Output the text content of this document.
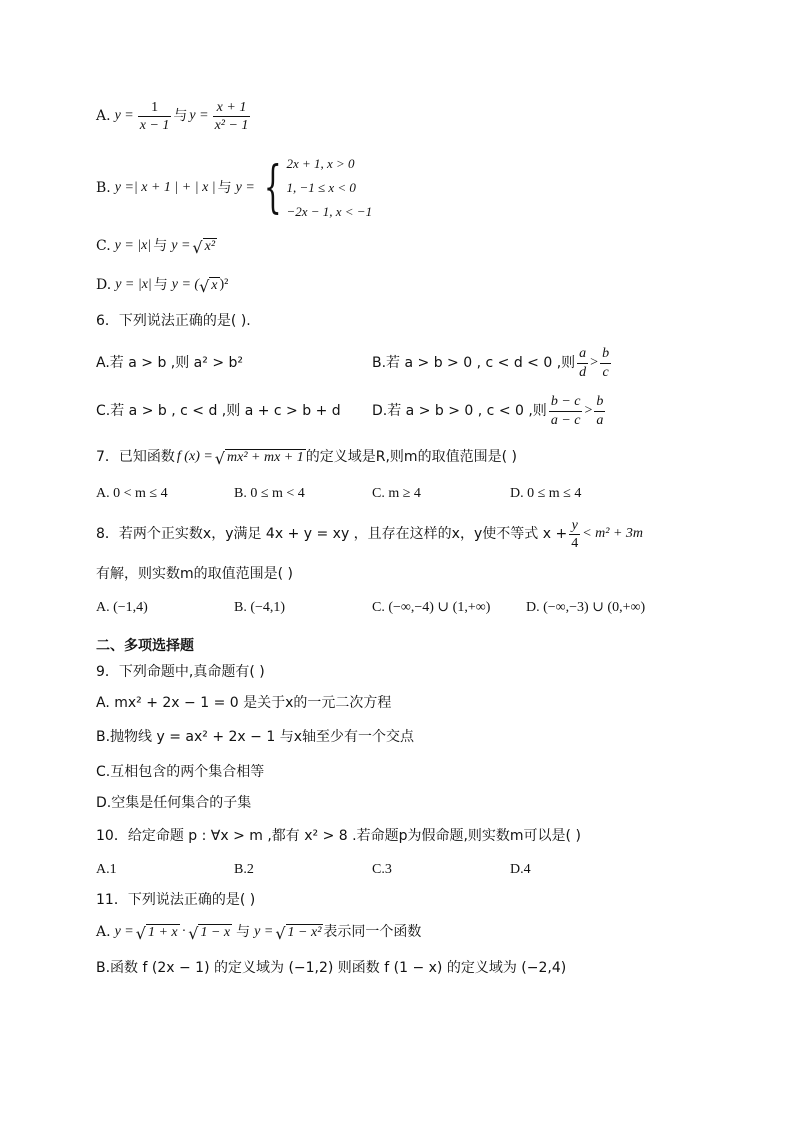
A. $y = \frac{1}{x - 1}$ 与 $y = \frac{x + 1}{\text{x² − 1}}$
B. y =| x + 1 | + | x | 与 y = { 2x + 1, x > 0
1, −1 ≤ x < 0
−2x − 1, x < −1
C. y = |x| 与 y = √ x²
D. y = |x| 与 y = ( √ x )²
6．下列说法正确的是( ).
A.若 a > b ,则 a² > b²	B.若 a > b > 0 , c < d < 0 ,则 $\frac{a}{d} > \frac{b}{c}$
C.若 a > b , c < d ,则 a + c > b + d D.若 a > b > 0 , c < 0 ,则 $\frac{b - c}{a - c} > \frac{b}{a}$
7．已知函数 f (x) = √ mx² + mx + 1 的定义域是R,则m的取值范围是( )
A. 0 < m ≤ 4	B. 0 ≤ m < 4	C. m ≥ 4	D. 0 ≤ m ≤ 4
8．若两个正实数x，y满足 4x + y = xy ，且存在这样的x，y使不等式 $x + \frac{y}{4} < m^2 + 3m$
有解，则实数m的取值范围是( )
A. (−1,4)	B. (−4,1)	C. (−∞,−4) ∪ (1,+∞)	D. (−∞,−3) ∪ (0,+∞)
二、多项选择题
9．下列命题中,真命题有( )
A. mx² + 2x − 1 = 0 是关于x的一元二次方程
B.抛物线 y = ax² + 2x − 1 与x轴至少有一个交点
C.互相包含的两个集合相等
D.空集是任何集合的子集
10．给定命题 p : ∀x > m ,都有 x² > 8 .若命题p为假命题,则实数m可以是( )
A.1	B.2	C.3	D.4
11．下列说法正确的是( )
A. y = √ 1 + x · √ 1 − x 与 y = √ 1 − x² 表示同一个函数
B.函数 f (2x − 1) 的定义域为 (−1,2) 则函数 f (1 − x) 的定义域为 (−2,4)
